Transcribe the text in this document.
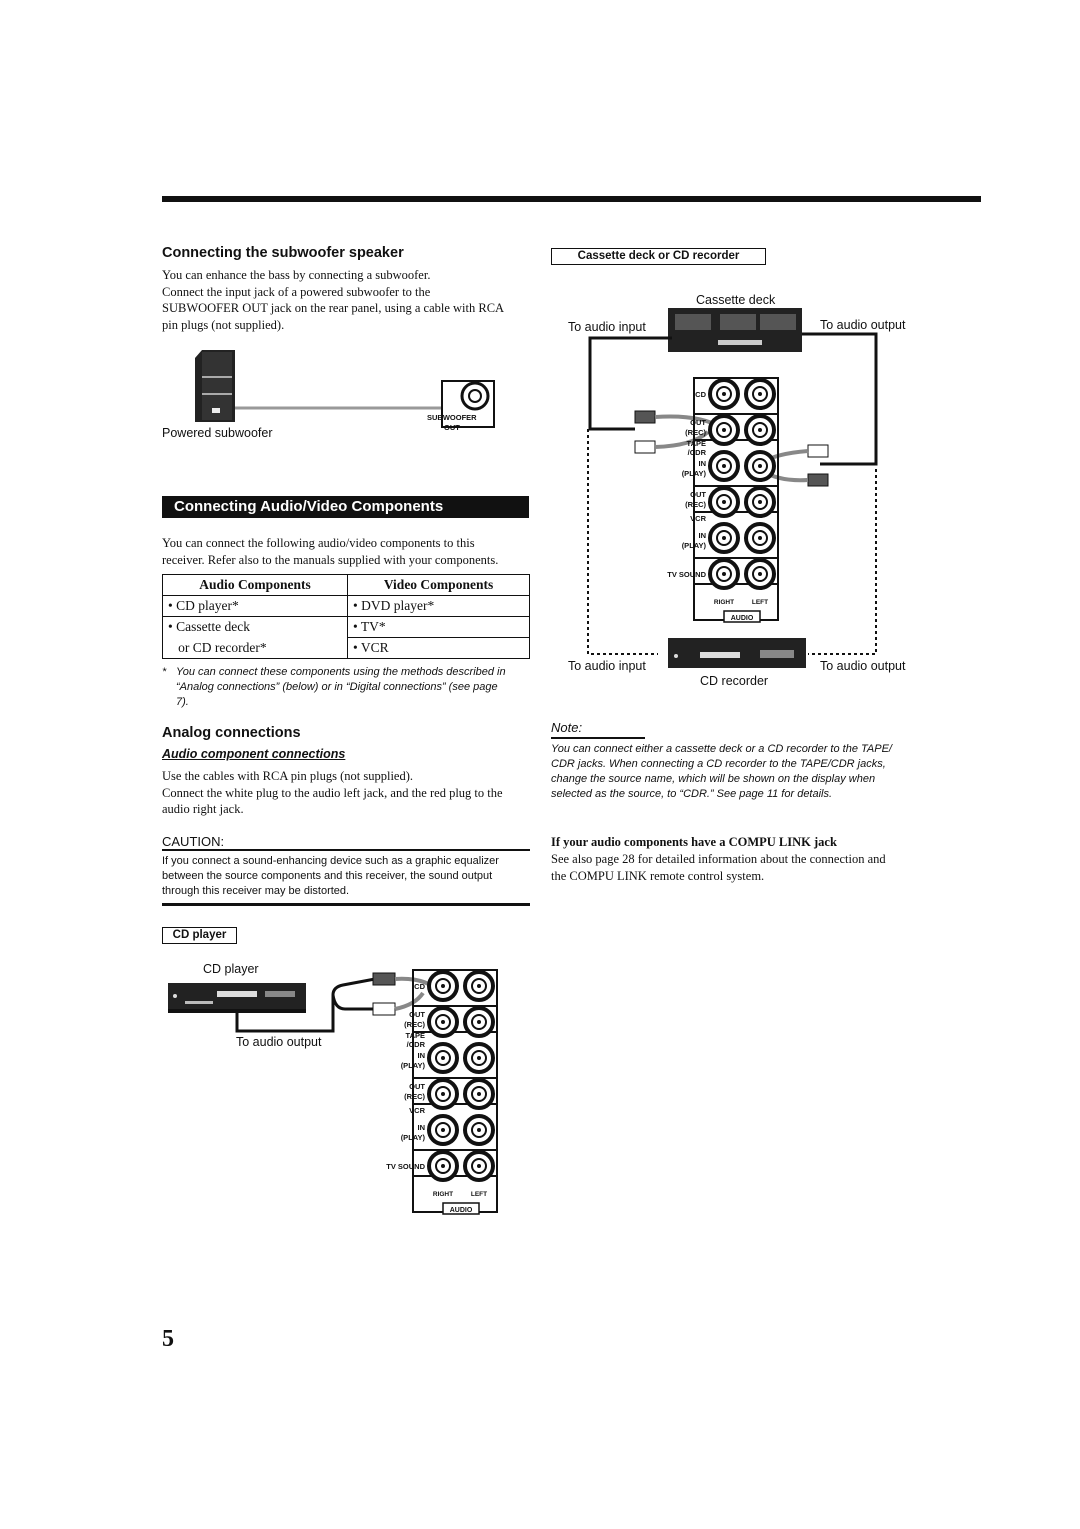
Connecting the subwoofer speaker
You can enhance the bass by connecting a subwoofer.
Connect the input jack of a powered subwoofer to the
SUBWOOFER OUT jack on the rear panel, using a cable with RCA
pin plugs (not supplied).
SUBWOOFER
OUT
Powered subwoofer
Connecting Audio/Video Components
You can connect the following audio/video components to this
receiver. Refer also to the manuals supplied with your components.
Audio Components	Video Components
• CD player*	• DVD player*
• Cassette deck	• TV*
or CD recorder*	• VCR
* You can connect these components using the methods described in
“Analog connections” (below) or in “Digital connections” (see page
7).
Analog connections
Audio component connections
Use the cables with RCA pin plugs (not supplied).
Connect the white plug to the audio left jack, and the red plug to the
audio right jack.
CAUTION:
If you connect a sound-enhancing device such as a graphic equalizer
between the source components and this receiver, the sound output
through this receiver may be distorted.
CD player
CD player
To audio output
CD
OUT
(REC)
TAPE
/CDR
IN
(PLAY)
OUT
(REC)
VCR
IN
(PLAY)
TV SOUND
RIGHT	LEFT
AUDIO
Cassette deck or CD recorder
Cassette deck
To audio input	To audio output
To audio input	To audio output
CD recorder
CD
OUT
(REC)
TAPE
/CDR
IN
(PLAY)
OUT
(REC)
VCR
IN
(PLAY)
TV SOUND
RIGHT	LEFT
AUDIO
Note:
You can connect either a cassette deck or a CD recorder to the TAPE/
CDR jacks. When connecting a CD recorder to the TAPE/CDR jacks,
change the source name, which will be shown on the display when
selected as the source, to “CDR.” See page 11 for details.
If your audio components have a COMPU LINK jack
See also page 28 for detailed information about the connection and
the COMPU LINK remote control system.
5
